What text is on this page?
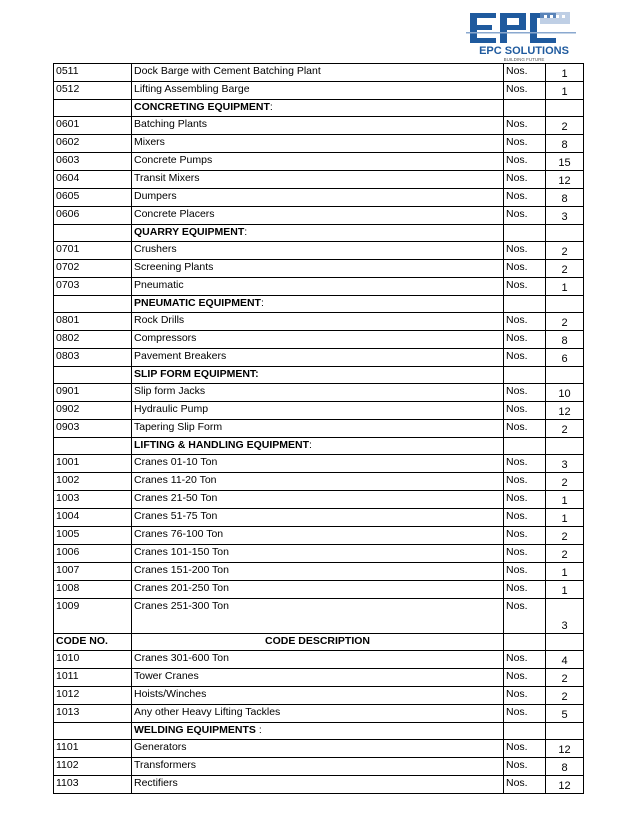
EPC SOLUTIONS
BUILDING FUTURE
0511	Dock Barge with Cement Batching Plant	Nos.	1
0512	Lifting Assembling Barge	Nos.	1
	CONCRETING EQUIPMENT:		
0601	Batching Plants	Nos.	2
0602	Mixers	Nos.	8
0603	Concrete Pumps	Nos.	15
0604	Transit Mixers	Nos.	12
0605	Dumpers	Nos.	8
0606	Concrete Placers	Nos.	3
	QUARRY EQUIPMENT:		
0701	Crushers	Nos.	2
0702	Screening Plants	Nos.	2
0703	Pneumatic	Nos.	1
	PNEUMATIC EQUIPMENT:		
0801	Rock Drills	Nos.	2
0802	Compressors	Nos.	8
0803	Pavement Breakers	Nos.	6
	SLIP FORM EQUIPMENT:		
0901	Slip form Jacks	Nos.	10
0902	Hydraulic Pump	Nos.	12
0903	Tapering Slip Form	Nos.	2
	LIFTING & HANDLING EQUIPMENT:		
1001	Cranes 01-10 Ton	Nos.	3
1002	Cranes 11-20 Ton	Nos.	2
1003	Cranes 21-50 Ton	Nos.	1
1004	Cranes 51-75 Ton	Nos.	1
1005	Cranes 76-100 Ton	Nos.	2
1006	Cranes 101-150 Ton	Nos.	2
1007	Cranes 151-200 Ton	Nos.	1
1008	Cranes 201-250 Ton	Nos.	1
1009	Cranes 251-300 Ton	Nos.	3
CODE NO.	CODE DESCRIPTION		
1010	Cranes 301-600 Ton	Nos.	4
1011	Tower Cranes	Nos.	2
1012	Hoists/Winches	Nos.	2
1013	Any other Heavy Lifting Tackles	Nos.	5
	WELDING EQUIPMENTS :		
1101	Generators	Nos.	12
1102	Transformers	Nos.	8
1103	Rectifiers	Nos.	12
